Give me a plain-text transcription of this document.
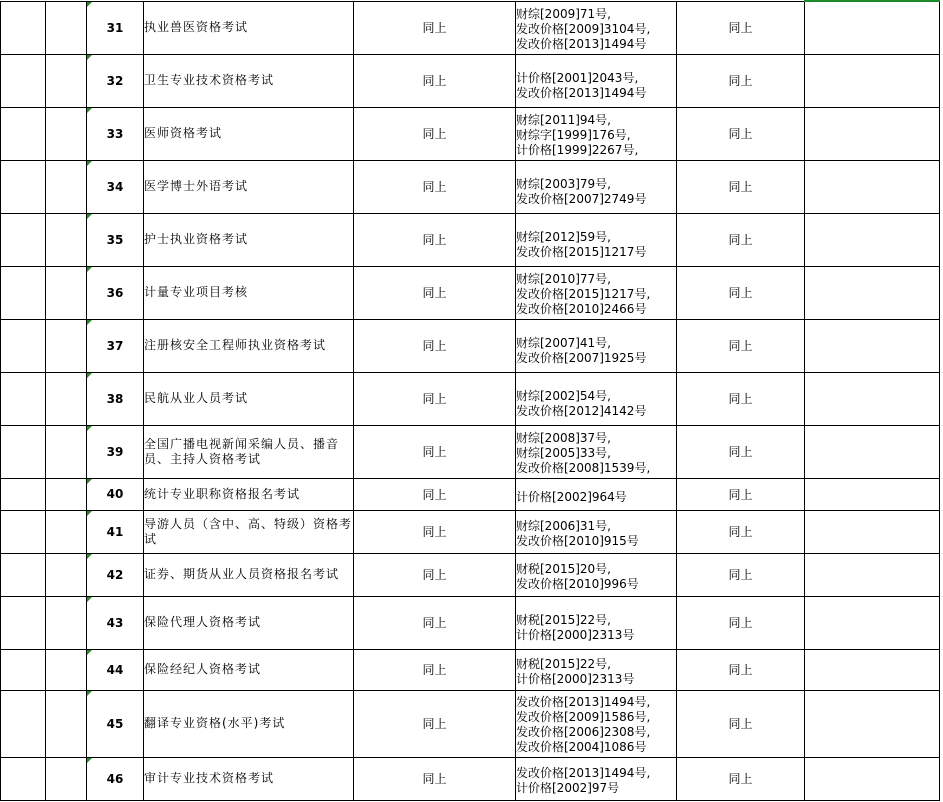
31	执业兽医资格考试	同上	财综[2009]71号,
发改价格[2009]3104号,
发改价格[2013]1494号	同上	

32	卫生专业技术资格考试	同上	计价格[2001]2043号,
发改价格[2013]1494号	同上	

33	医师资格考试	同上	财综[2011]94号,
财综字[1999]176号,
计价格[1999]2267号,	同上	

34	医学博士外语考试	同上	财综[2003]79号,
发改价格[2007]2749号	同上	

35	护士执业资格考试	同上	财综[2012]59号,
发改价格[2015]1217号	同上	

36	计量专业项目考核	同上	财综[2010]77号,
发改价格[2015]1217号,
发改价格[2010]2466号	同上	

37	注册核安全工程师执业资格考试	同上	财综[2007]41号,
发改价格[2007]1925号	同上	

38	民航从业人员考试	同上	财综[2002]54号,
发改价格[2012]4142号	同上	

39	全国广播电视新闻采编人员、播音员、主持人资格考试	同上	财综[2008]37号,
财综[2005]33号,
发改价格[2008]1539号,	同上	

40	统计专业职称资格报名考试	同上	计价格[2002]964号	同上	

41	导游人员（含中、高、特级）资格考试	同上	财综[2006]31号,
发改价格[2010]915号	同上	

42	证券、期货从业人员资格报名考试	同上	财税[2015]20号,
发改价格[2010]996号	同上	

43	保险代理人资格考试	同上	财税[2015]22号,
计价格[2000]2313号	同上	

44	保险经纪人资格考试	同上	财税[2015]22号,
计价格[2000]2313号	同上	

45	翻译专业资格(水平)考试	同上	发改价格[2013]1494号,
发改价格[2009]1586号,
发改价格[2006]2308号,
发改价格[2004]1086号	同上	

46	审计专业技术资格考试	同上	发改价格[2013]1494号,
计价格[2002]97号	同上	
